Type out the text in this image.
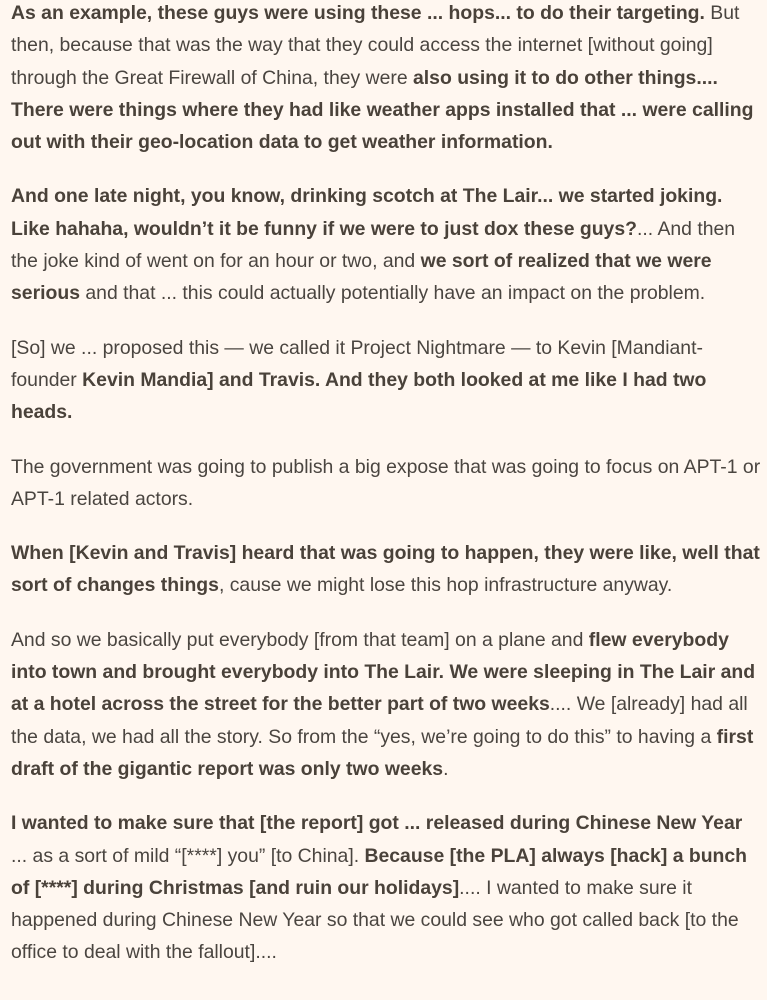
As an example, these guys were using these ... hops... to do their targeting. But then, because that was the way that they could access the internet [without going] through the Great Firewall of China, they were also using it to do other things.... There were things where they had like weather apps installed that ... were calling out with their geo-location data to get weather information.

And one late night, you know, drinking scotch at The Lair... we started joking. Like hahaha, wouldn’t it be funny if we were to just dox these guys?... And then the joke kind of went on for an hour or two, and we sort of realized that we were serious and that ... this could actually potentially have an impact on the problem.

[So] we ... proposed this — we called it Project Nightmare — to Kevin [Mandiant-founder Kevin Mandia] and Travis. And they both looked at me like I had two heads.

The government was going to publish a big expose that was going to focus on APT-1 or APT-1 related actors.

When [Kevin and Travis] heard that was going to happen, they were like, well that sort of changes things, cause we might lose this hop infrastructure anyway.

And so we basically put everybody [from that team] on a plane and flew everybody into town and brought everybody into The Lair. We were sleeping in The Lair and at a hotel across the street for the better part of two weeks.... We [already] had all the data, we had all the story. So from the “yes, we’re going to do this” to having a first draft of the gigantic report was only two weeks.

I wanted to make sure that [the report] got ... released during Chinese New Year ... as a sort of mild “[****] you” [to China]. Because [the PLA] always [hack] a bunch of [****] during Christmas [and ruin our holidays].... I wanted to make sure it happened during Chinese New Year so that we could see who got called back [to the office to deal with the fallout]....
